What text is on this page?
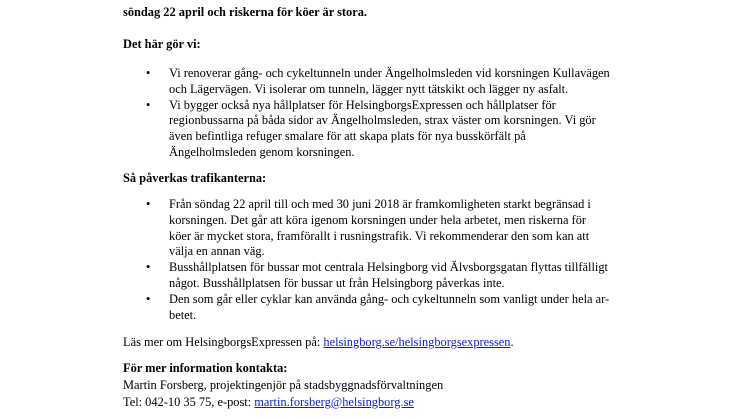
söndag 22 april och riskerna för köer är stora.
Det här gör vi:
• Vi renoverar gång- och cykeltunneln under Ängelholmsleden vid korsningen Kullavägen
och Lägervägen. Vi isolerar om tunneln, lägger nytt tätskikt och lägger ny asfalt.
• Vi bygger också nya hållplatser för HelsingborgsExpressen och hållplatser för
regionbussarna på båda sidor av Ängelholmsleden, strax väster om korsningen. Vi gör
även befintliga refuger smalare för att skapa plats för nya busskörfält på
Ängelholmsleden genom korsningen.
Så påverkas trafikanterna:
• Från söndag 22 april till och med 30 juni 2018 är framkomligheten starkt begränsad i
korsningen. Det går att köra igenom korsningen under hela arbetet, men riskerna för
köer är mycket stora, framförallt i rusningstrafik. Vi rekommenderar den som kan att
välja en annan väg.
• Busshållplatsen för bussar mot centrala Helsingborg vid Älvsborgsgatan flyttas tillfälligt
något. Busshållplatsen för bussar ut från Helsingborg påverkas inte.
• Den som går eller cyklar kan använda gång- och cykeltunneln som vanligt under hela ar-
betet.
Läs mer om HelsingborgsExpressen på: helsingborg.se/helsingborgsexpressen.
För mer information kontakta:
Martin Forsberg, projektingenjör på stadsbyggnadsförvaltningen
Tel: 042-10 35 75, e-post: martin.forsberg@helsingborg.se
